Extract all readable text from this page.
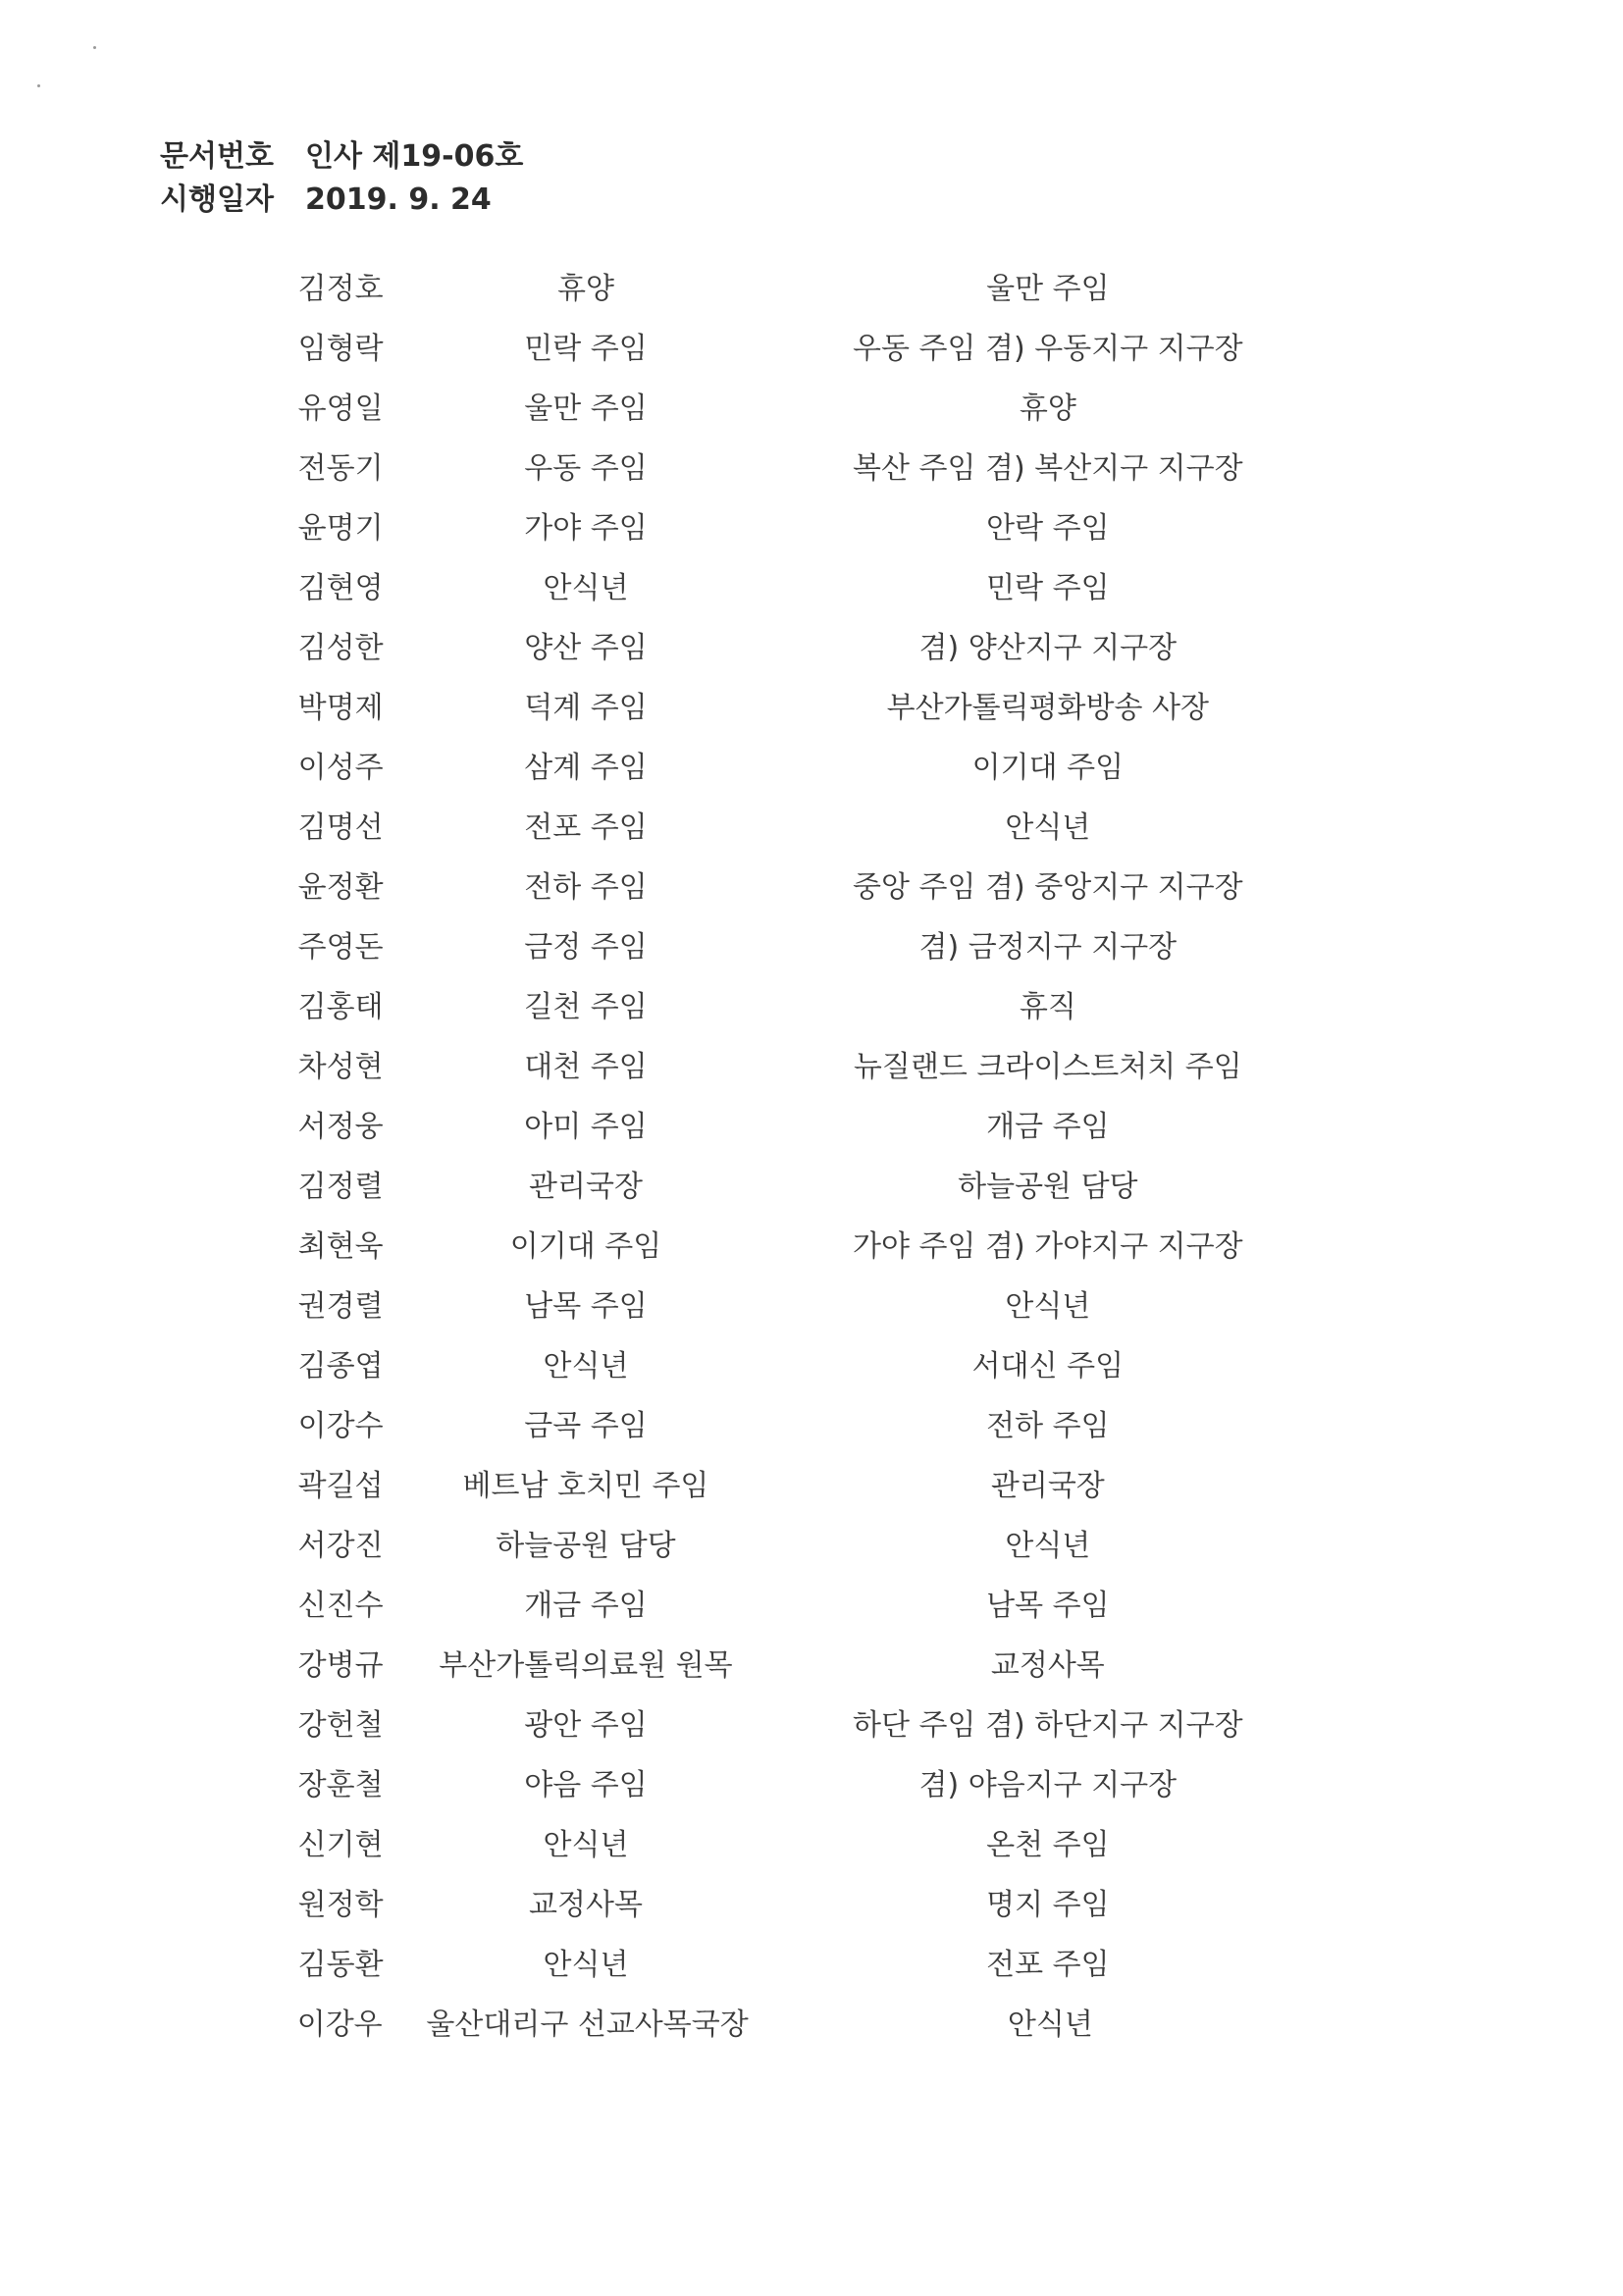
문서번호	인사 제19-06호
시행일자	2019. 9. 24
김정호	휴양	울만 주임
임형락	민락 주임	우동 주임 겸) 우동지구 지구장
유영일	울만 주임	휴양
전동기	우동 주임	복산 주임 겸) 복산지구 지구장
윤명기	가야 주임	안락 주임
김현영	안식년	민락 주임
김성한	양산 주임	겸) 양산지구 지구장
박명제	덕계 주임	부산가톨릭평화방송 사장
이성주	삼계 주임	이기대 주임
김명선	전포 주임	안식년
윤정환	전하 주임	중앙 주임 겸) 중앙지구 지구장
주영돈	금정 주임	겸) 금정지구 지구장
김홍태	길천 주임	휴직
차성현	대천 주임	뉴질랜드 크라이스트처치 주임
서정웅	아미 주임	개금 주임
김정렬	관리국장	하늘공원 담당
최현욱	이기대 주임	가야 주임 겸) 가야지구 지구장
권경렬	남목 주임	안식년
김종엽	안식년	서대신 주임
이강수	금곡 주임	전하 주임
곽길섭	베트남 호치민 주임	관리국장
서강진	하늘공원 담당	안식년
신진수	개금 주임	남목 주임
강병규	부산가톨릭의료원 원목	교정사목
강헌철	광안 주임	하단 주임 겸) 하단지구 지구장
장훈철	야음 주임	겸) 야음지구 지구장
신기현	안식년	온천 주임
원정학	교정사목	명지 주임
김동환	안식년	전포 주임
이강우	울산대리구 선교사목국장	안식년
